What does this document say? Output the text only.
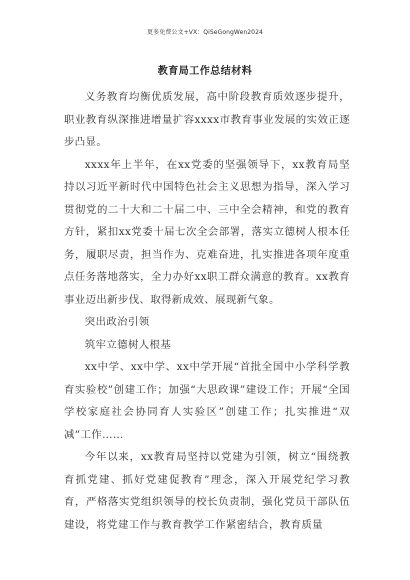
更多免费公文+VX：QiSeGongWen2024
教育局工作总结材料

义务教育均衡优质发展，高中阶段教育质效逐步提升，职业教育纵深推进增量扩容xxxx市教育事业发展的实效正逐步凸显。

xxxx年上半年，在xx党委的坚强领导下，xx教育局坚持以习近平新时代中国特色社会主义思想为指导，深入学习贯彻党的二十大和二十届二中、三中全会精神，和党的教育方针，紧扣xx党委十届七次全会部署，落实立德树人根本任务，履职尽责，担当作为、克难奋进，扎实推进各项年度重点任务落地落实，全力办好xx职工群众满意的教育。xx教育事业迈出新步伐、取得新成效、展现新气象。

突出政治引领

筑牢立德树人根基

xx中学、xx中学、xx中学开展“首批全国中小学科学教育实验校”创建工作；加强“大思政课”建设工作；开展“全国学校家庭社会协同育人实验区”创建工作；扎实推进“双减”工作……

今年以来，xx教育局坚持以党建为引领，树立“围绕教育抓党建、抓好党建促教育”理念，深入开展党纪学习教育，严格落实党组织领导的校长负责制，强化党员干部队伍建设，将党建工作与教育教学工作紧密结合，教育质量
